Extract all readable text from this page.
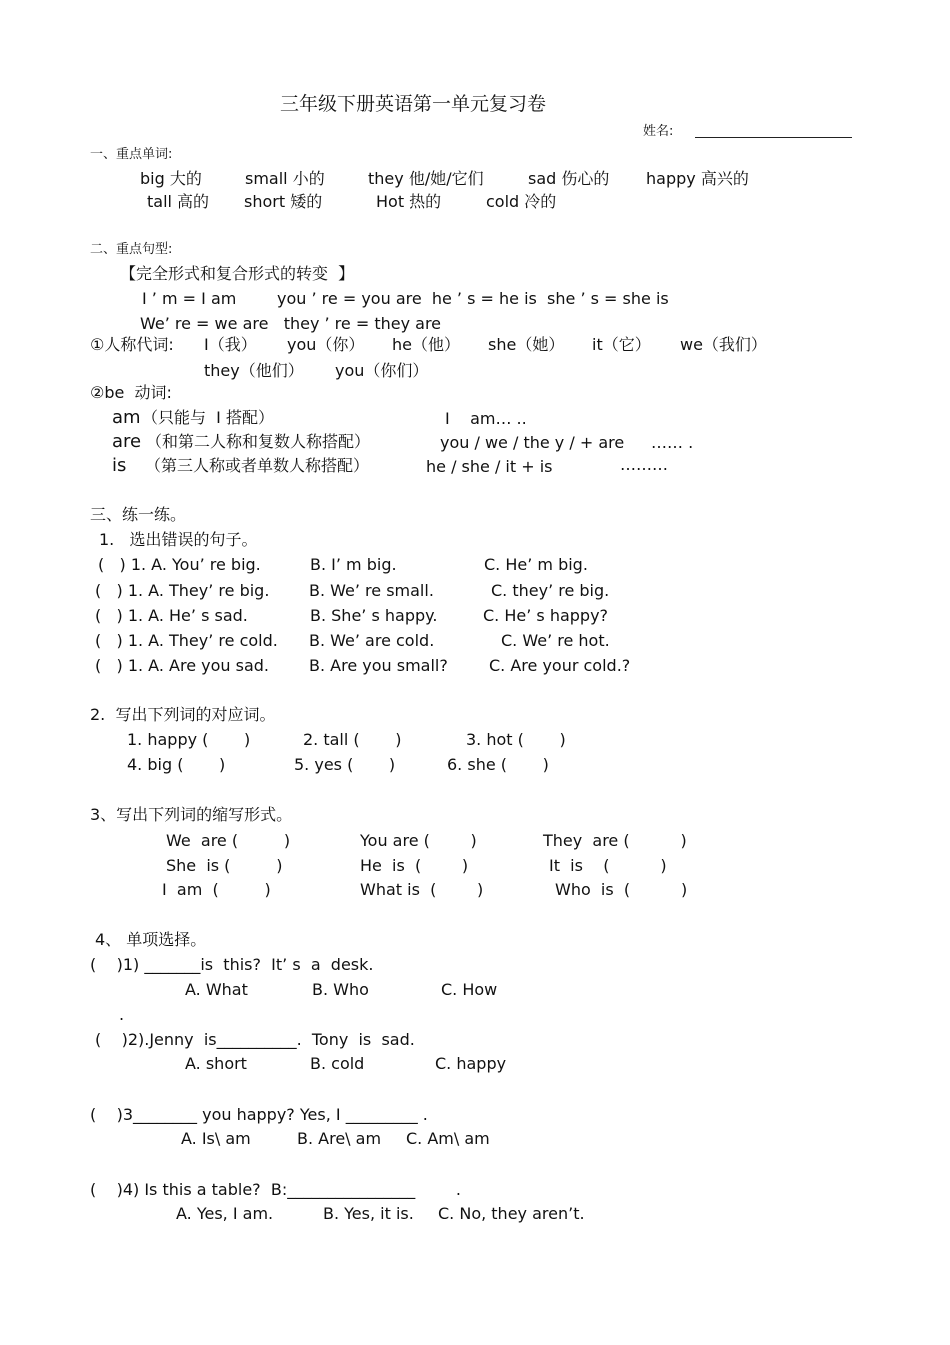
三年级下册英语第一单元复习卷
姓名:
一、重点单词:
big 大的	small 小的	they 他/她/它们	sad 伤心的 happy 高兴的
tall 高的 short 矮的	Hot 热的	cold 冷的
二、重点句型:
【完全形式和复合形式的转变  】
I ’ m = I am        you ’ re = you are  he ’ s = he is  she ’ s = she is
We’ re = we are   they ’ re = they are
①人称代词: I（我） you（你） he（他） she（她） it（它） we（我们）
they（他们） you（你们）
②be  动词:
am （只能与  I 搭配）	I    am… ..
are （和第二人称和复数人称搭配）	you / we / the y / + are …… .
is （第三人称或者单数人称搭配）	he / she / it + is	………
三、练一练。
1.   选出错误的句子。
(   ) 1. A. You’ re big.	B. I’ m big.	C. He’ m big.
(   ) 1. A. They’ re big. B. We’ re small.	C. they’ re big.
(   ) 1. A. He’ s sad.	B. She’ s happy.	C. He’ s happy?
(   ) 1. A. They’ re cold. B. We’ are cold.	C. We’ re hot.
(   ) 1. A. Are you sad.	B. Are you small?	C. Are your cold.?
2.  写出下列词的对应词。
1. happy (       )	2. tall (       )	3. hot (       )
4. big (       )	5. yes (       )	6. she (       )
3、写出下列词的缩写形式。
We  are (         )	You are (        )	They  are (          )
She  is (         )	He  is  (        )	It  is    (          )
I  am  (         )	What is  (        )	Who  is  (          )
4、 单项选择。
(    )1) _______is  this?  It’ s  a  desk.
A. What	B. Who	C. How
.
(    )2).Jenny  is__________.  Tony  is  sad.
A. short	B. cold	C. happy
(    )3________ you happy? Yes, I _________ .
A. Is\ am	B. Are\ am C. Am\ am
(    )4) Is this a table?  B:________________        .
A. Yes, I am.	B. Yes, it is. C. No, they aren’t.
